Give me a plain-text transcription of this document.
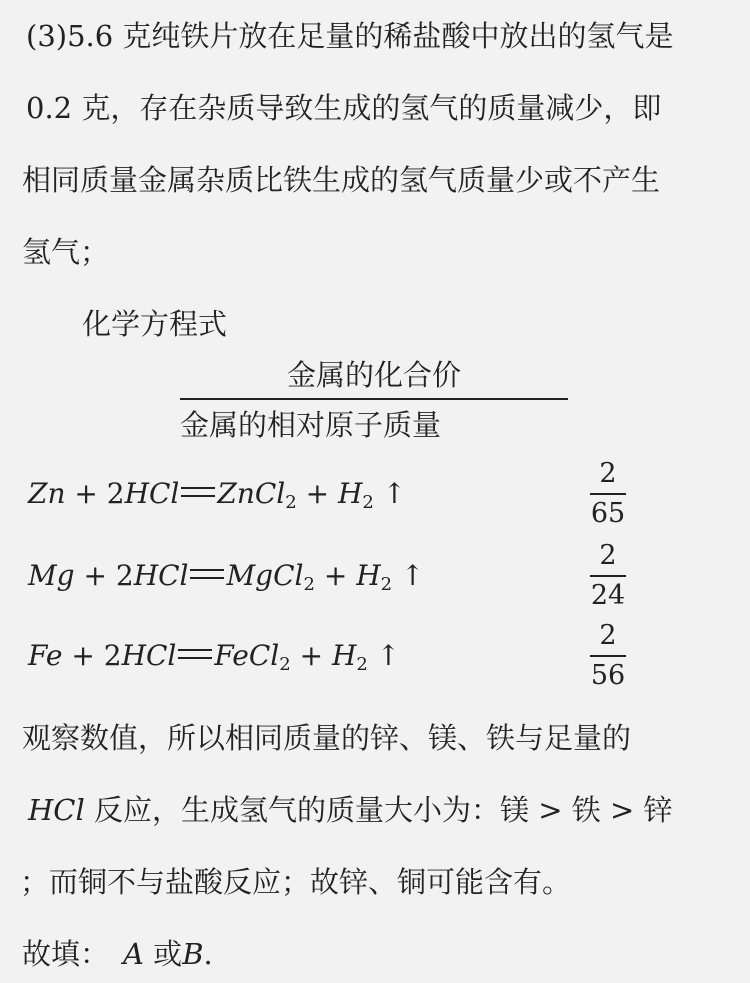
(3)5.6 克纯铁片放在足量的稀盐酸中放出的氢气是
0.2 克，存在杂质导致生成的氢气的质量减少，即
相同质量金属杂质比铁生成的氢气质量少或不产生
氢气；
化学方程式
金属的化合价
金属的相对原子质量
Zn + 2HCl ZnCl$_2$ + $H_2$ ↑
2
65
Mg + 2HCl MgCl$_2$ + $H_2$ ↑
2
24
Fe + 2HCl FeCl$_2$ + $H_2$ ↑
2
56
观察数值，所以相同质量的锌、镁、铁与足量的
HCl 反应，生成氢气的质量大小为：镁 > 铁 > 锌
；而铜不与盐酸反应；故锌、铜可能含有。
故填： A 或B.
